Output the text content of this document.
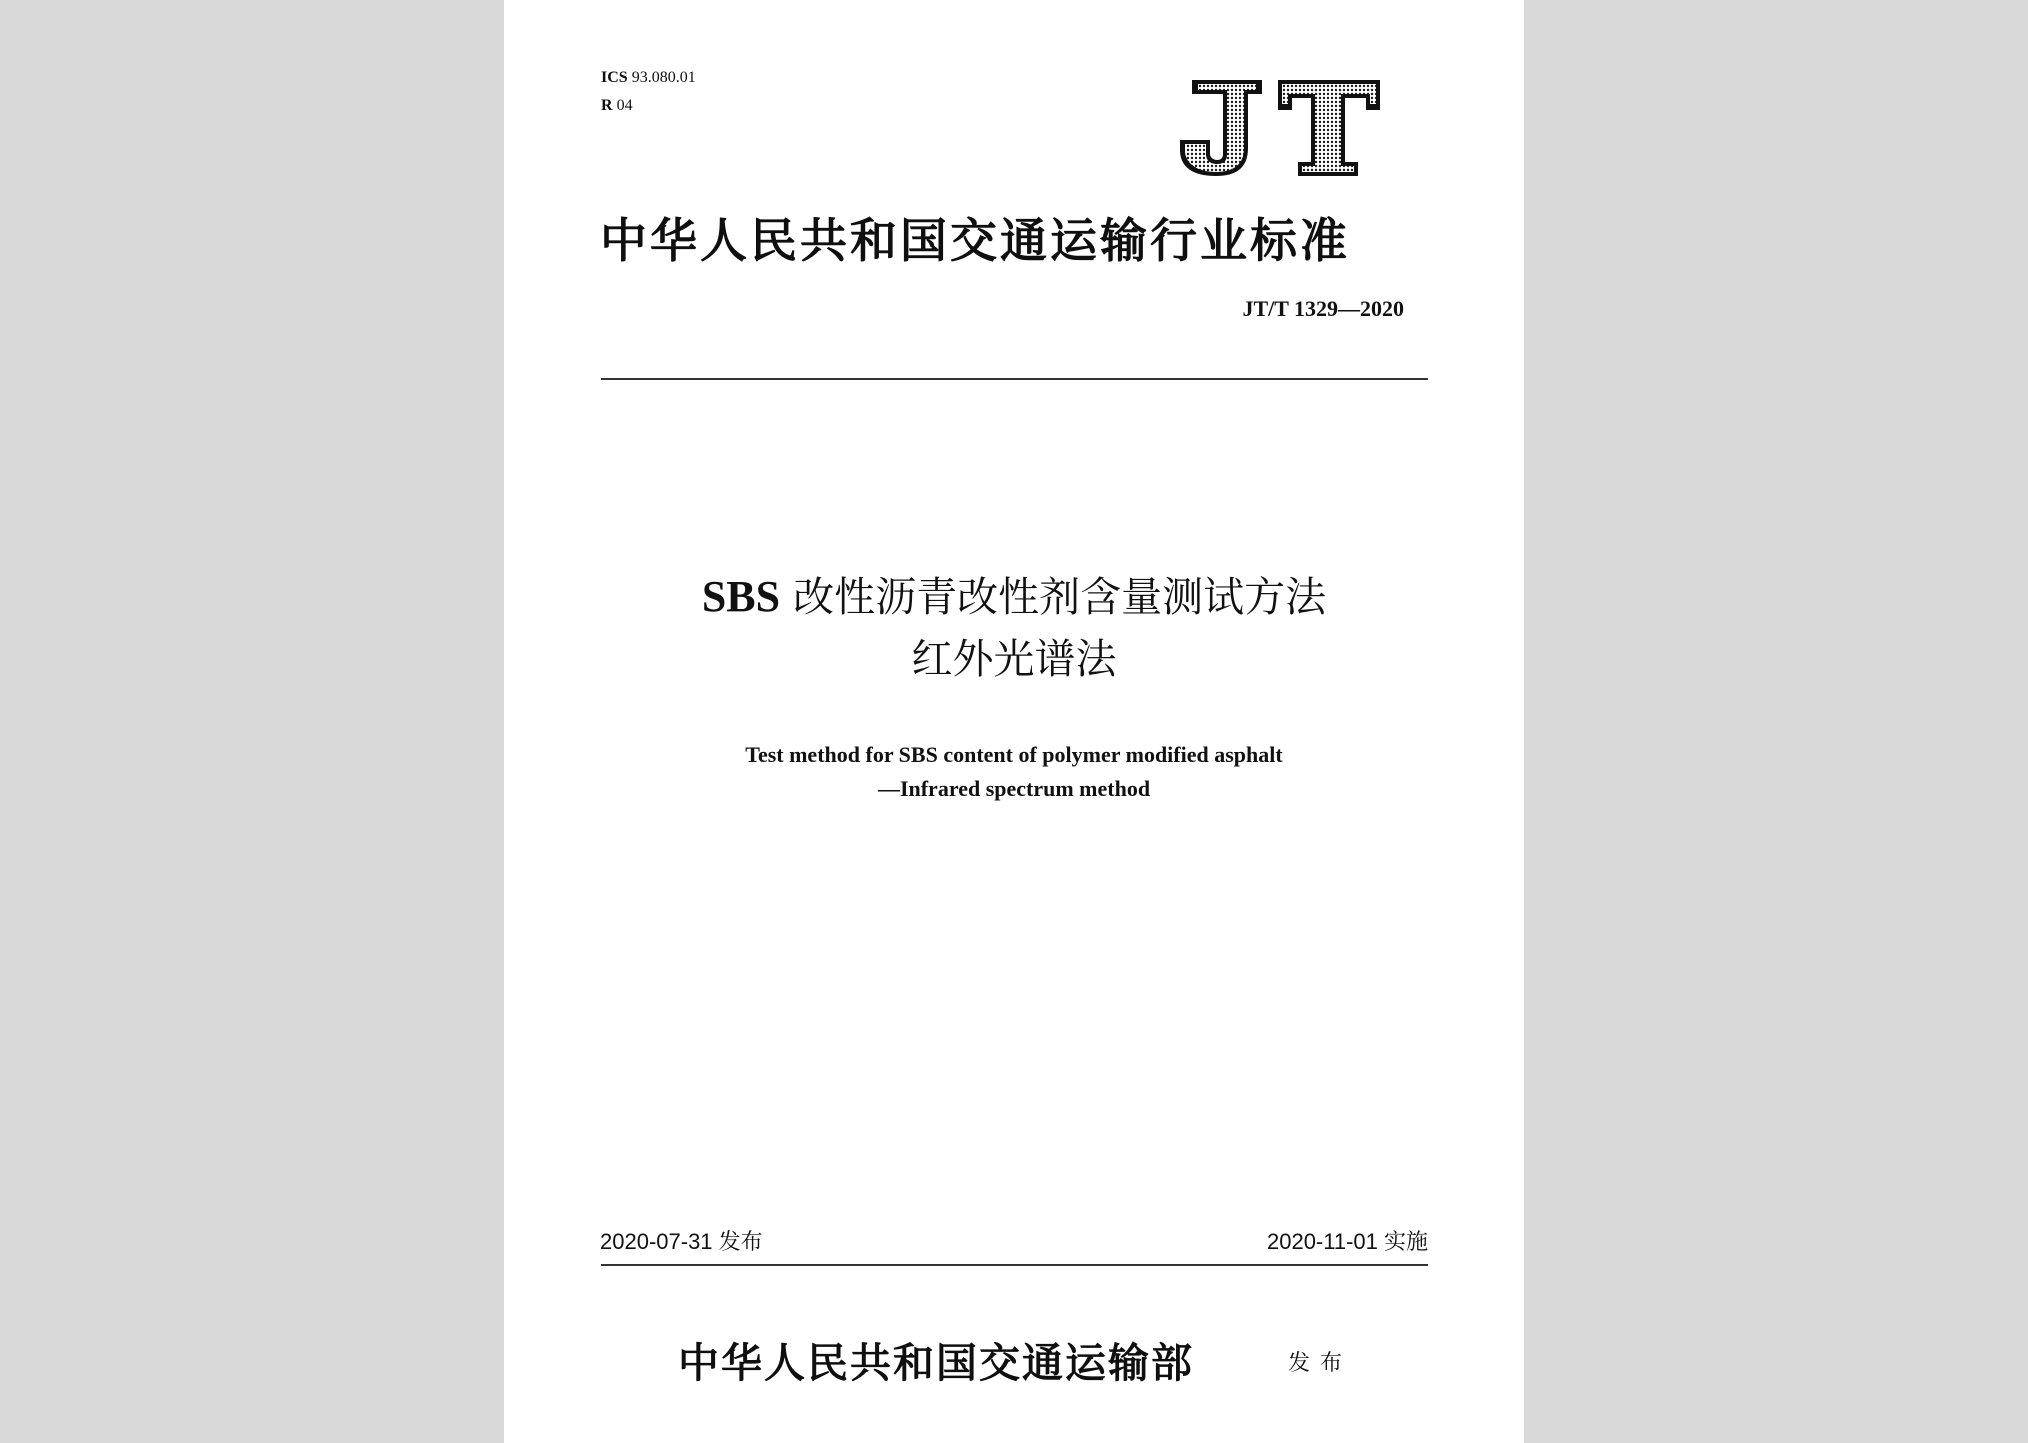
ICS 93.080.01
R 04
中华人民共和国交通运输行业标准
JT/T 1329—2020
SBS 改性沥青改性剂含量测试方法
红外光谱法
Test method for SBS content of polymer modified asphalt
—Infrared spectrum method
2020-07-31 发布	2020-11-01 实施
中华人民共和国交通运输部	发布
